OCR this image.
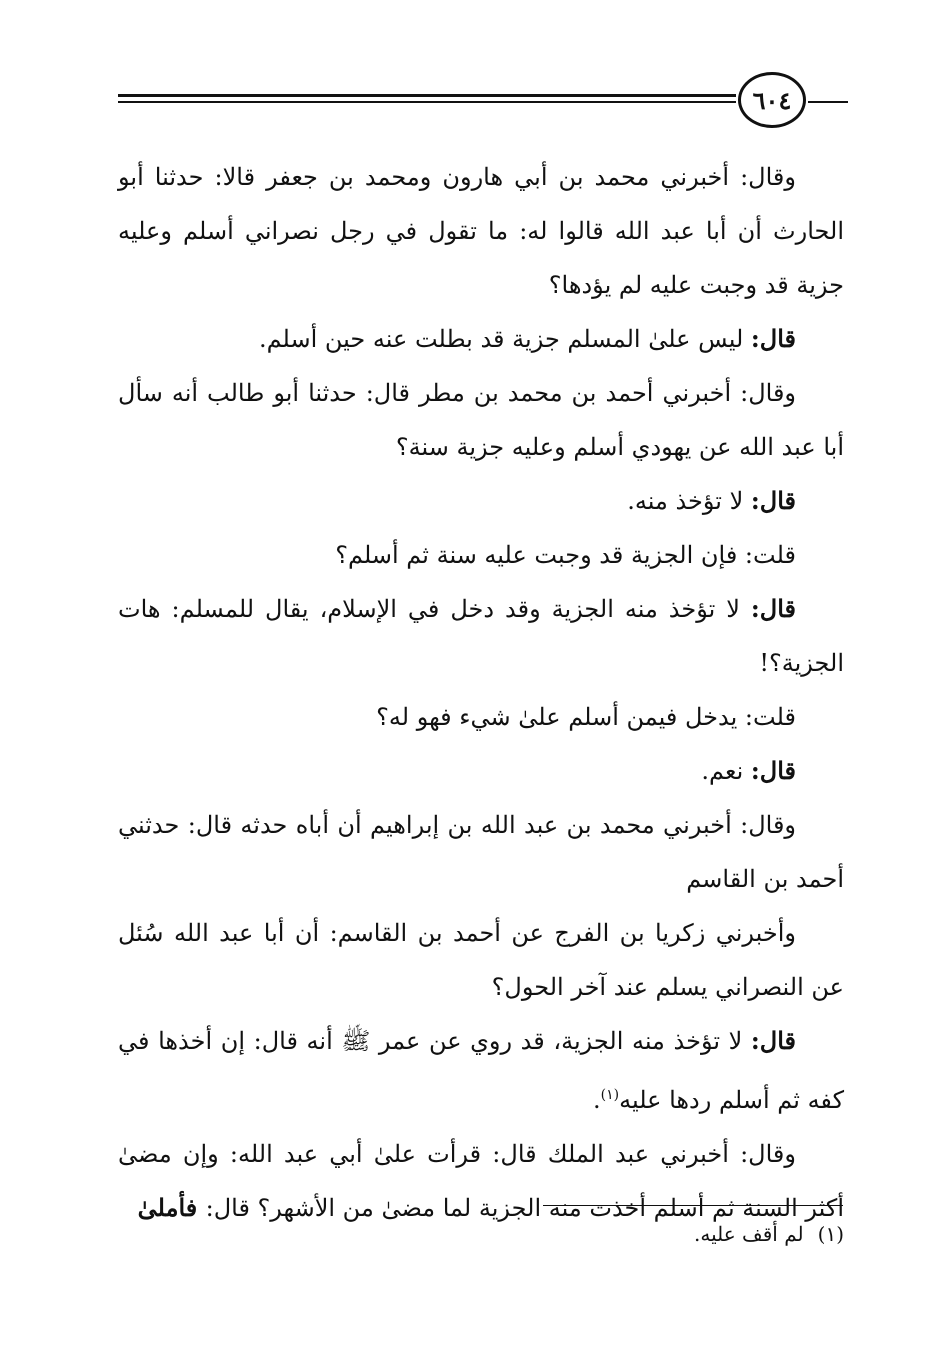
٦٠٤

وقال: أخبرني محمد بن أبي هارون ومحمد بن جعفر قالا: حدثنا أبو الحارث أن أبا عبد الله قالوا له: ما تقول في رجل نصراني أسلم وعليه جزية قد وجبت عليه لم يؤدها؟

قال: ليس علىٰ المسلم جزية قد بطلت عنه حين أسلم.

وقال: أخبرني أحمد بن محمد بن مطر قال: حدثنا أبو طالب أنه سأل أبا عبد الله عن يهودي أسلم وعليه جزية سنة؟

قال: لا تؤخذ منه.

قلت: فإن الجزية قد وجبت عليه سنة ثم أسلم؟

قال: لا تؤخذ منه الجزية وقد دخل في الإسلام، يقال للمسلم: هات الجزية؟!

قلت: يدخل فيمن أسلم علىٰ شيء فهو له؟

قال: نعم.

وقال: أخبرني محمد بن عبد الله بن إبراهيم أن أباه حدثه قال: حدثني أحمد بن القاسم

وأخبرني زكريا بن الفرج عن أحمد بن القاسم: أن أبا عبد الله سُئل عن النصراني يسلم عند آخر الحول؟

قال: لا تؤخذ منه الجزية، قد روي عن عمر ﷺ أنه قال: إن أخذها في كفه ثم أسلم ردها عليه$^{(١)}$.

وقال: أخبرني عبد الملك قال: قرأت علىٰ أبي عبد الله: وإن مضىٰ أكثر السنة ثم أسلم أخذت منه الجزية لما مضىٰ من الأشهر؟ قال: فأملىٰ

(١)لم أقف عليه.
